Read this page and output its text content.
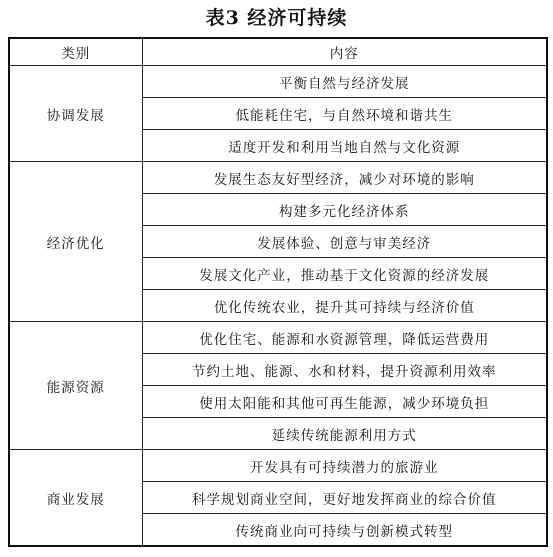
表3 经济可持续
类别	内容
协调发展	平衡自然与经济发展
	低能耗住宅，与自然环境和谐共生
	适度开发和利用当地自然与文化资源
经济优化	发展生态友好型经济，减少对环境的影响
	构建多元化经济体系
	发展体验、创意与审美经济
	发展文化产业，推动基于文化资源的经济发展
	优化传统农业，提升其可持续与经济价值
能源资源	优化住宅、能源和水资源管理，降低运营费用
	节约土地、能源、水和材料，提升资源利用效率
	使用太阳能和其他可再生能源，减少环境负担
	延续传统能源利用方式
商业发展	开发具有可持续潜力的旅游业
	科学规划商业空间，更好地发挥商业的综合价值
	传统商业向可持续与创新模式转型
